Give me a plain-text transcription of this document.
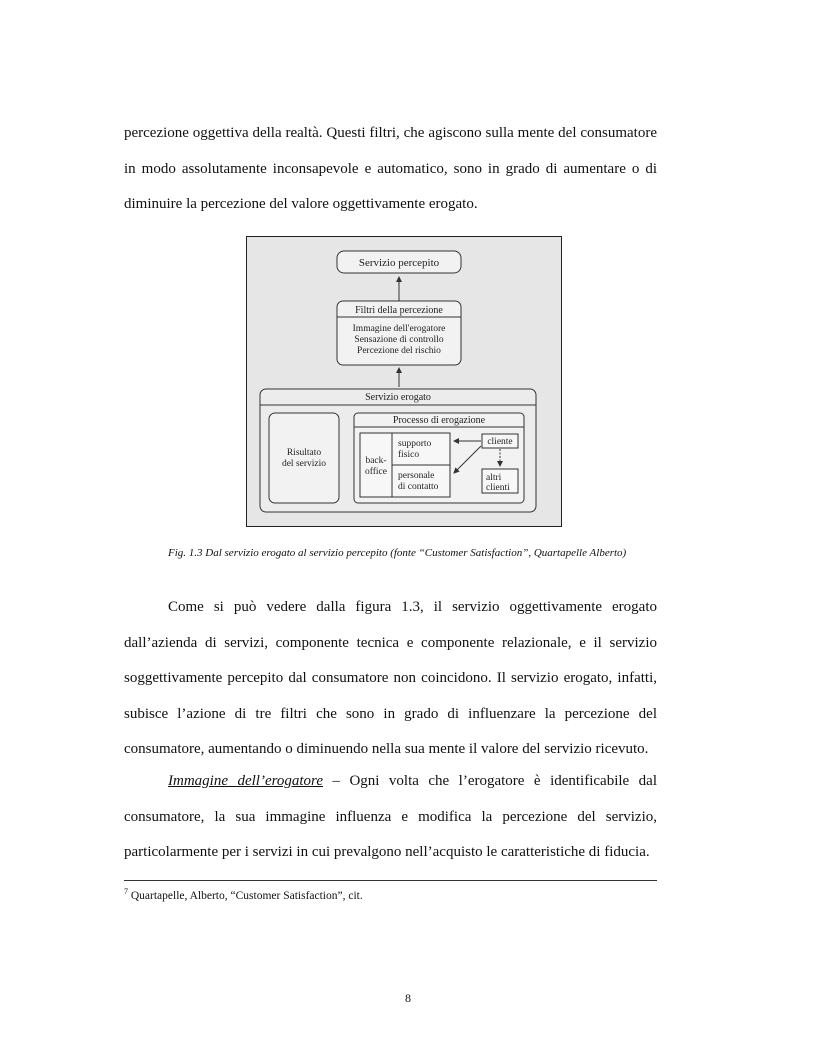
percezione oggettiva della realtà. Questi filtri, che agiscono sulla mente del consumatore in modo assolutamente inconsapevole e automatico, sono in grado di aumentare o di diminuire la percezione del valore oggettivamente erogato.

Servizio percepito
Filtri della percezione
Immagine dell'erogatore
Sensazione di controllo
Percezione del rischio
Servizio erogato
Risultato
del servizio
Processo di erogazione
back-
office
supporto
fisico
personale
di contatto
cliente
altri
clienti

Fig. 1.3 Dal servizio erogato al servizio percepito (fonte “Customer Satisfaction”, Quartapelle Alberto)

Come si può vedere dalla figura 1.3, il servizio oggettivamente erogato dall’azienda di servizi, componente tecnica e componente relazionale, e il servizio soggettivamente percepito dal consumatore non coincidono. Il servizio erogato, infatti, subisce l’azione di tre filtri che sono in grado di influenzare la percezione del consumatore, aumentando o diminuendo nella sua mente il valore del servizio ricevuto.

Immagine dell’erogatore – Ogni volta che l’erogatore è identificabile dal consumatore, la sua immagine influenza e modifica la percezione del servizio, particolarmente per i servizi in cui prevalgono nell’acquisto le caratteristiche di fiducia.

$^7$ Quartapelle, Alberto, “Customer Satisfaction”, cit.

8
